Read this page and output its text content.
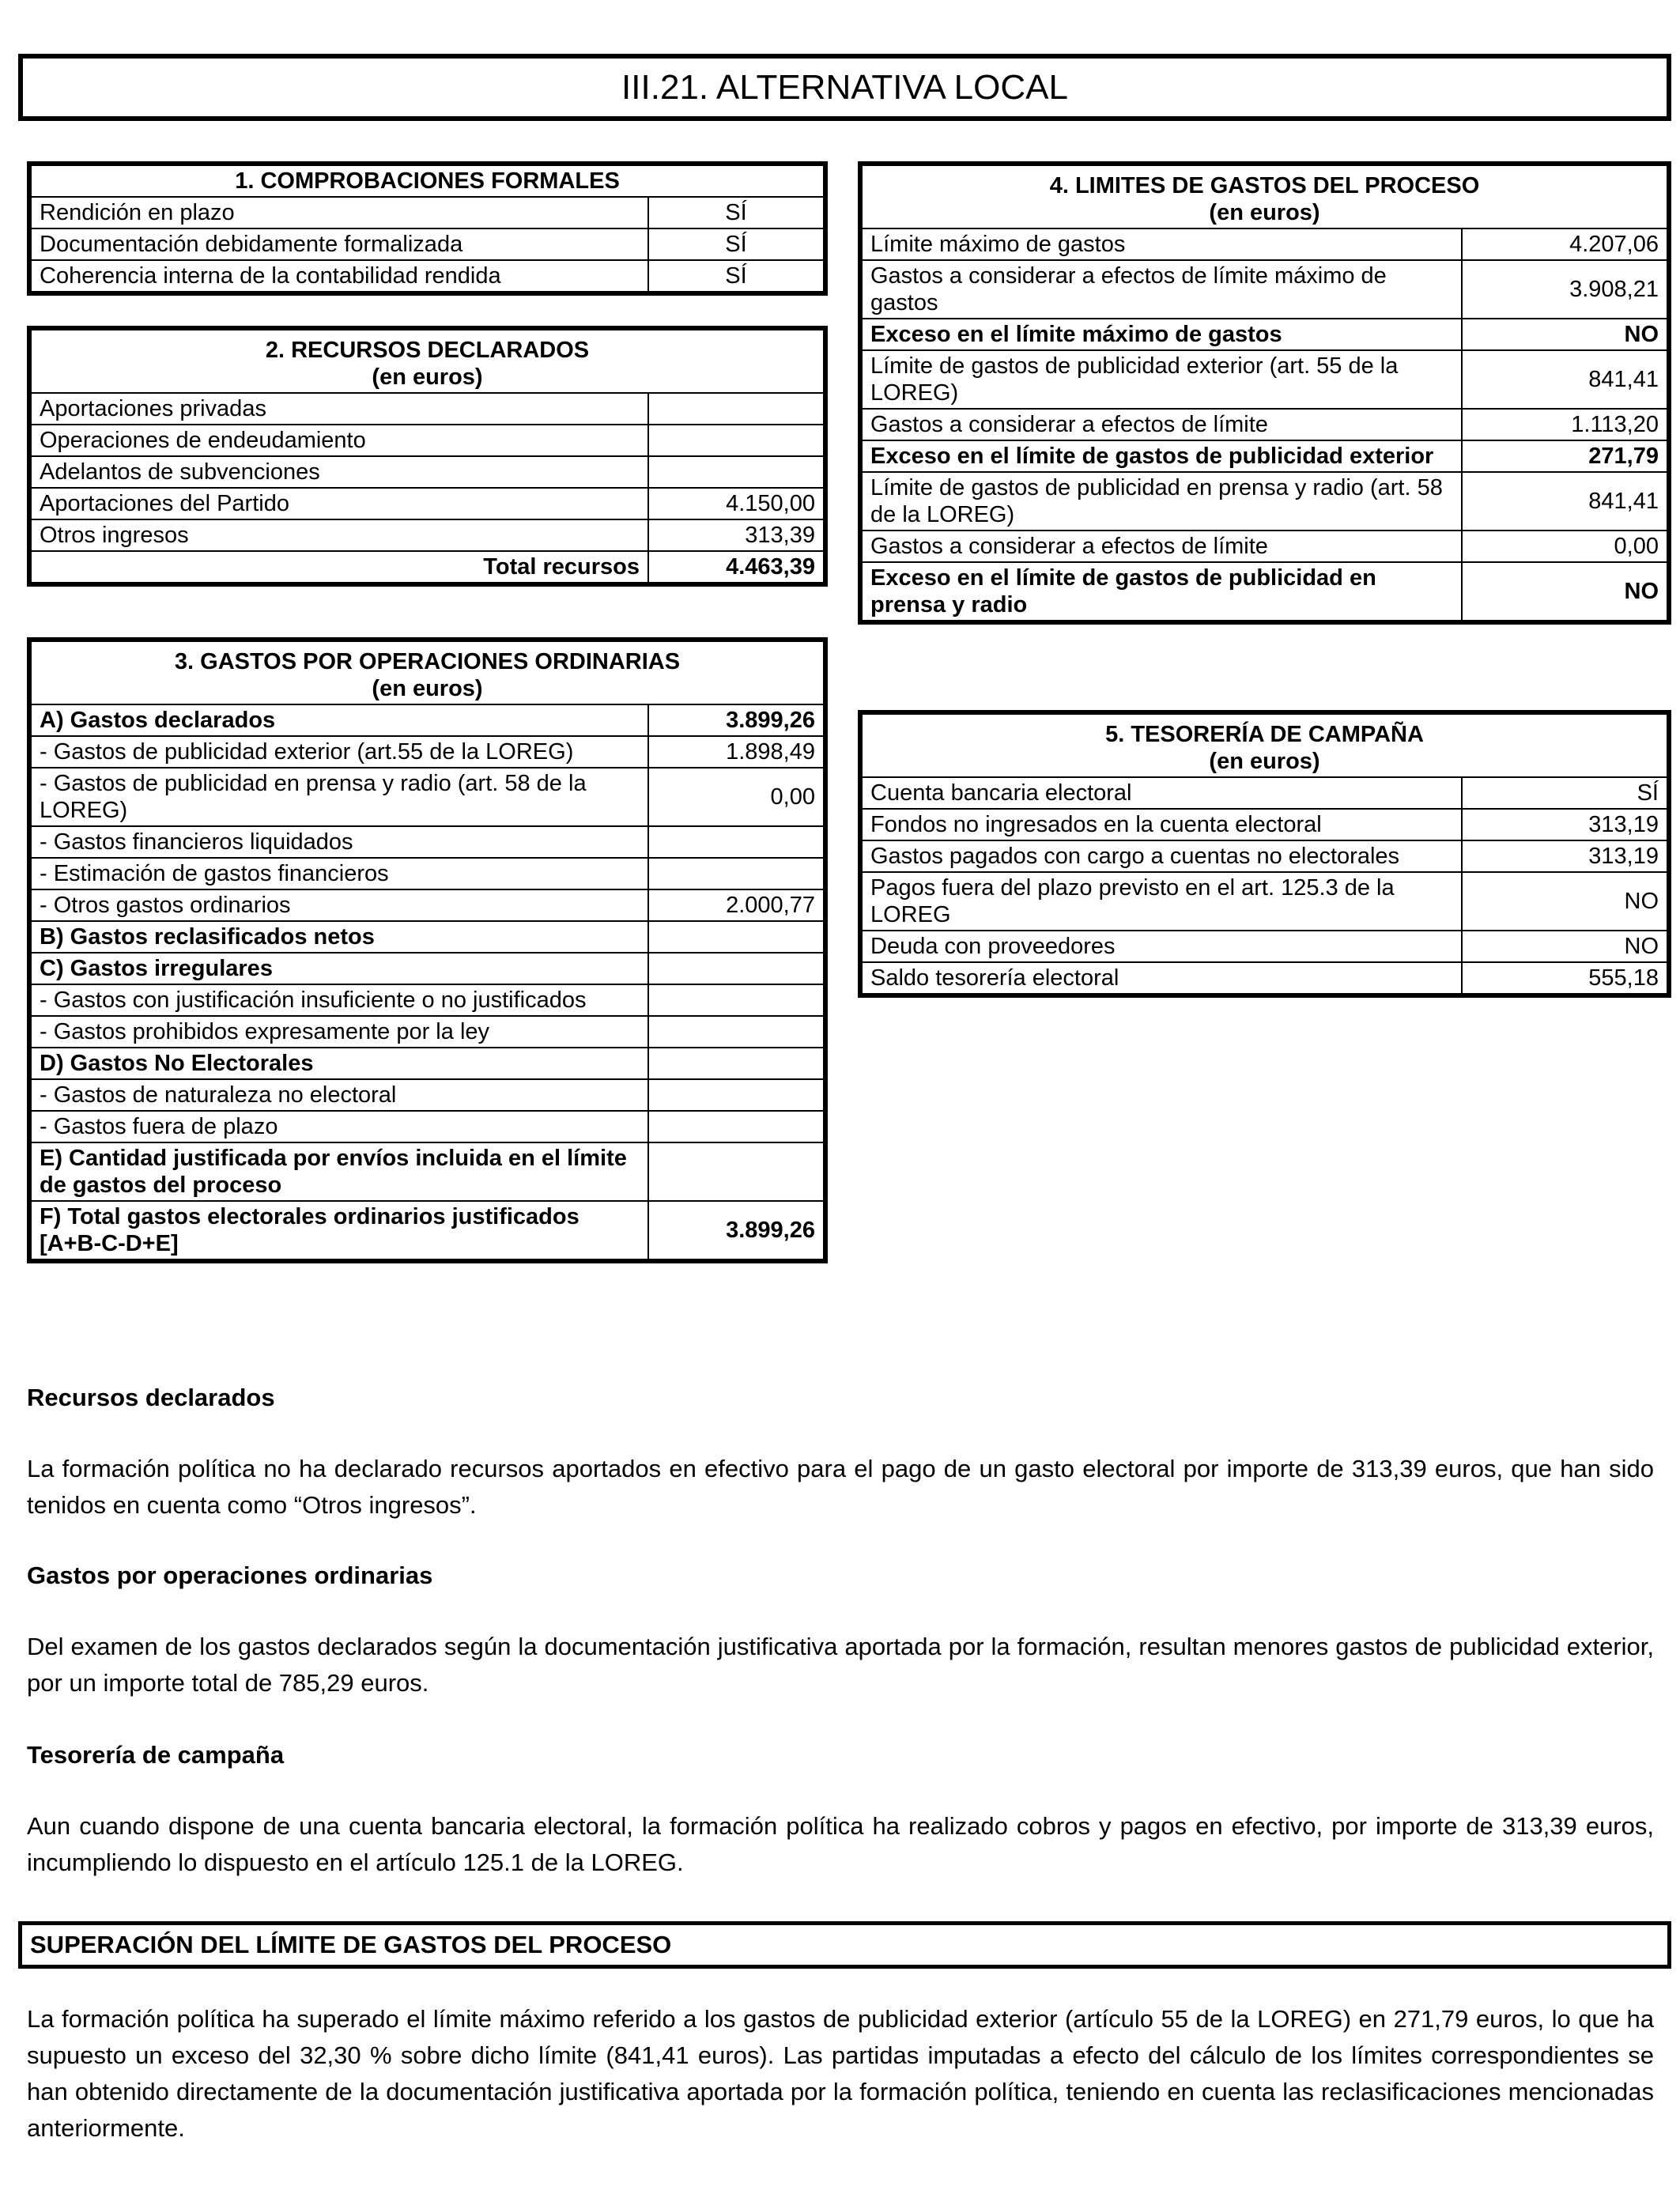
III.21. ALTERNATIVA LOCAL
1. COMPROBACIONES FORMALES	
Rendición en plazo	SÍ
Documentación debidamente formalizada	SÍ
Coherencia interna de la contabilidad rendida	SÍ
2. RECURSOS DECLARADOS
(en euros)	

Aportaciones privadas	
Operaciones de endeudamiento	
Adelantos de subvenciones	
Aportaciones del Partido	4.150,00
Otros ingresos	313,39
Total recursos	4.463,39
3. GASTOS POR OPERACIONES ORDINARIAS
(en euros)	

A) Gastos declarados	3.899,26
- Gastos de publicidad exterior (art.55 de la LOREG)	1.898,49
- Gastos de publicidad en prensa y radio (art. 58 de la LOREG)	0,00
- Gastos financieros liquidados	
- Estimación de gastos financieros	
- Otros gastos ordinarios	2.000,77
B) Gastos reclasificados netos	
C) Gastos irregulares	
- Gastos con justificación insuficiente o no justificados	
- Gastos prohibidos expresamente por la ley	
D) Gastos No Electorales	
- Gastos de naturaleza no electoral	
- Gastos fuera de plazo	
E) Cantidad justificada por envíos incluida en el límite de gastos del proceso	
F) Total gastos electorales ordinarios justificados [A+B-C-D+E]	3.899,26
4. LIMITES DE GASTOS DEL PROCESO
(en euros)	

Límite máximo de gastos	4.207,06
Gastos a considerar a efectos de límite máximo de gastos	3.908,21
Exceso en el límite máximo de gastos	NO
Límite de gastos de publicidad exterior (art. 55 de la LOREG)	841,41
Gastos a considerar a efectos de límite	1.113,20
Exceso en el límite de gastos de publicidad exterior	271,79
Límite de gastos de publicidad en prensa y radio (art. 58 de la LOREG)	841,41
Gastos a considerar a efectos de límite	0,00
Exceso en el límite de gastos de publicidad en prensa y radio	NO
5. TESORERÍA DE CAMPAÑA
(en euros)	

Cuenta bancaria electoral	SÍ
Fondos no ingresados en la cuenta electoral	313,19
Gastos pagados con cargo a cuentas no electorales	313,19
Pagos fuera del plazo previsto en el art. 125.3 de la LOREG	NO
Deuda con proveedores	NO
Saldo tesorería electoral	555,18
Recursos declarados
La formación política no ha declarado recursos aportados en efectivo para el pago de un gasto electoral por importe de 313,39 euros, que han sido tenidos en cuenta como “Otros ingresos”.
Gastos por operaciones ordinarias
Del examen de los gastos declarados según la documentación justificativa aportada por la formación, resultan menores gastos de publicidad exterior, por un importe total de 785,29 euros.
Tesorería de campaña
Aun cuando dispone de una cuenta bancaria electoral, la formación política ha realizado cobros y pagos en efectivo, por importe de 313,39 euros, incumpliendo lo dispuesto en el artículo 125.1 de la LOREG.
SUPERACIÓN DEL LÍMITE DE GASTOS DEL PROCESO
La formación política ha superado el límite máximo referido a los gastos de publicidad exterior (artículo 55 de la LOREG) en 271,79 euros, lo que ha supuesto un exceso del 32,30 % sobre dicho límite (841,41 euros). Las partidas imputadas a efecto del cálculo de los límites correspondientes se han obtenido directamente de la documentación justificativa aportada por la formación política, teniendo en cuenta las reclasificaciones mencionadas anteriormente.
